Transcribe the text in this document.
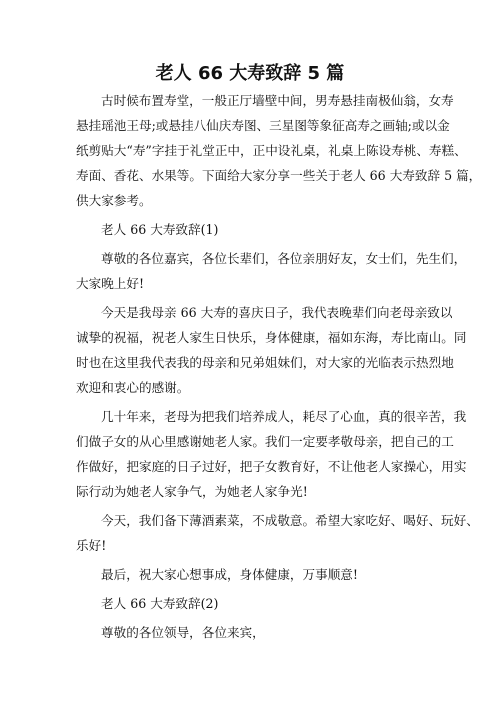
老人 66 大寿致辞 5 篇
古时候布置寿堂，一般正厅墙壁中间，男寿悬挂南极仙翁，女寿
悬挂瑶池王母;或悬挂八仙庆寿图、三星图等象征高寿之画轴;或以金
纸剪贴大“寿”字挂于礼堂正中，正中设礼桌，礼桌上陈设寿桃、寿糕、
寿面、香花、水果等。下面给大家分享一些关于老人 66 大寿致辞 5 篇，
供大家参考。
老人 66 大寿致辞(1)
尊敬的各位嘉宾，各位长辈们，各位亲朋好友，女士们，先生们，
大家晚上好!
今天是我母亲 66 大寿的喜庆日子，我代表晚辈们向老母亲致以
诚挚的祝福，祝老人家生日快乐，身体健康，福如东海，寿比南山。同
时也在这里我代表我的母亲和兄弟姐妹们，对大家的光临表示热烈地
欢迎和衷心的感谢。
几十年来，老母为把我们培养成人，耗尽了心血，真的很辛苦，我
们做子女的从心里感谢她老人家。我们一定要孝敬母亲，把自己的工
作做好，把家庭的日子过好，把子女教育好，不让他老人家操心，用实
际行动为她老人家争气，为她老人家争光!
今天，我们备下薄酒素菜，不成敬意。希望大家吃好、喝好、玩好、
乐好!
最后，祝大家心想事成，身体健康，万事顺意!
老人 66 大寿致辞(2)
尊敬的各位领导，各位来宾，
